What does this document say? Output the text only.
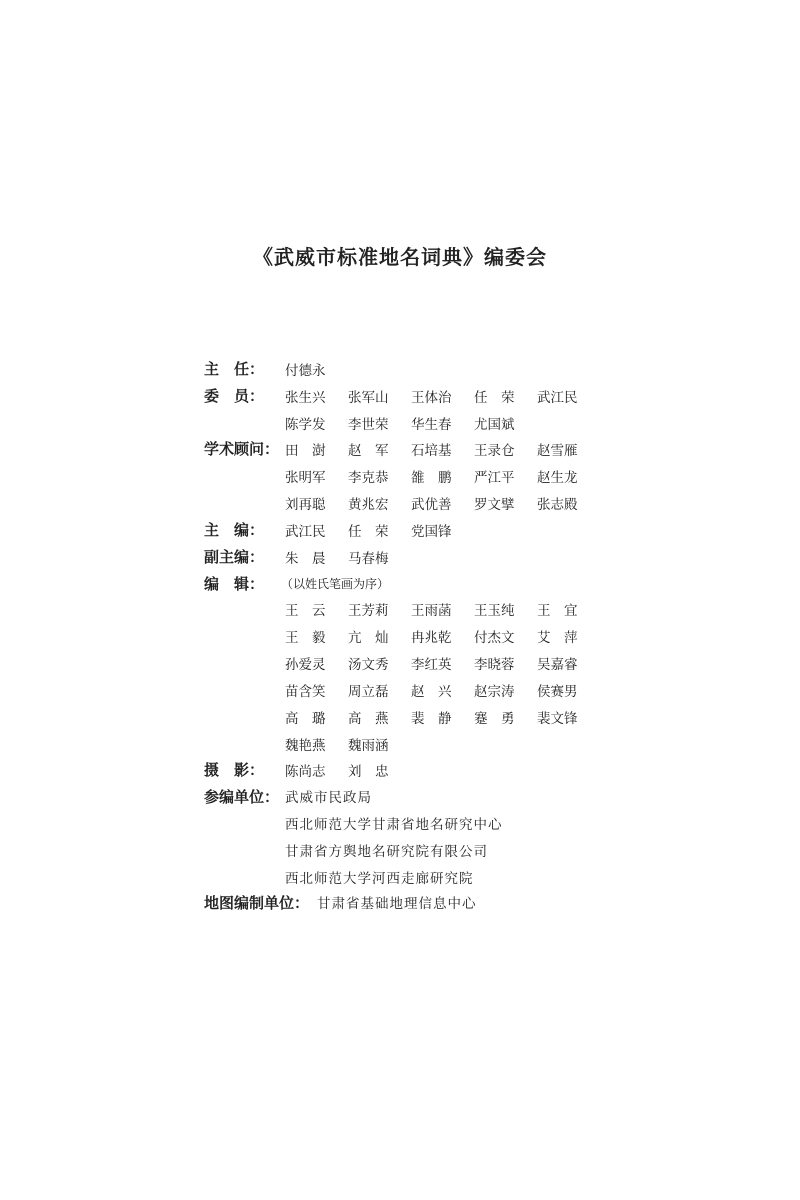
《武威市标准地名词典》编委会
主　任： 付德永
委　员： 张生兴 张军山 王体治 任　荣 武江民
陈学发 李世荣 华生春 尤国斌
学术顾问： 田　澍 赵　军 石培基 王录仓 赵雪雁
张明军 李克恭 雒　鹏 严江平 赵生龙
刘再聪 黄兆宏 武优善 罗文擘 张志殿
主　编： 武江民 任　荣 党国锋
副主编： 朱　晨 马春梅
编　辑： （以姓氏笔画为序）
王　云 王芳莉 王雨菡 王玉纯 王　宜
王　毅 亢　灿 冉兆乾 付杰文 艾　萍
孙爱灵 汤文秀 李红英 李晓蓉 吴嘉睿
苗含笑 周立磊 赵　兴 赵宗涛 侯赛男
高　璐 高　燕 裴　静 蹇　勇 裴文锋
魏艳燕 魏雨涵
摄　影： 陈尚志 刘　忠
参编单位： 武威市民政局
西北师范大学甘肃省地名研究中心
甘肃省方舆地名研究院有限公司
西北师范大学河西走廊研究院
地图编制单位： 甘肃省基础地理信息中心
